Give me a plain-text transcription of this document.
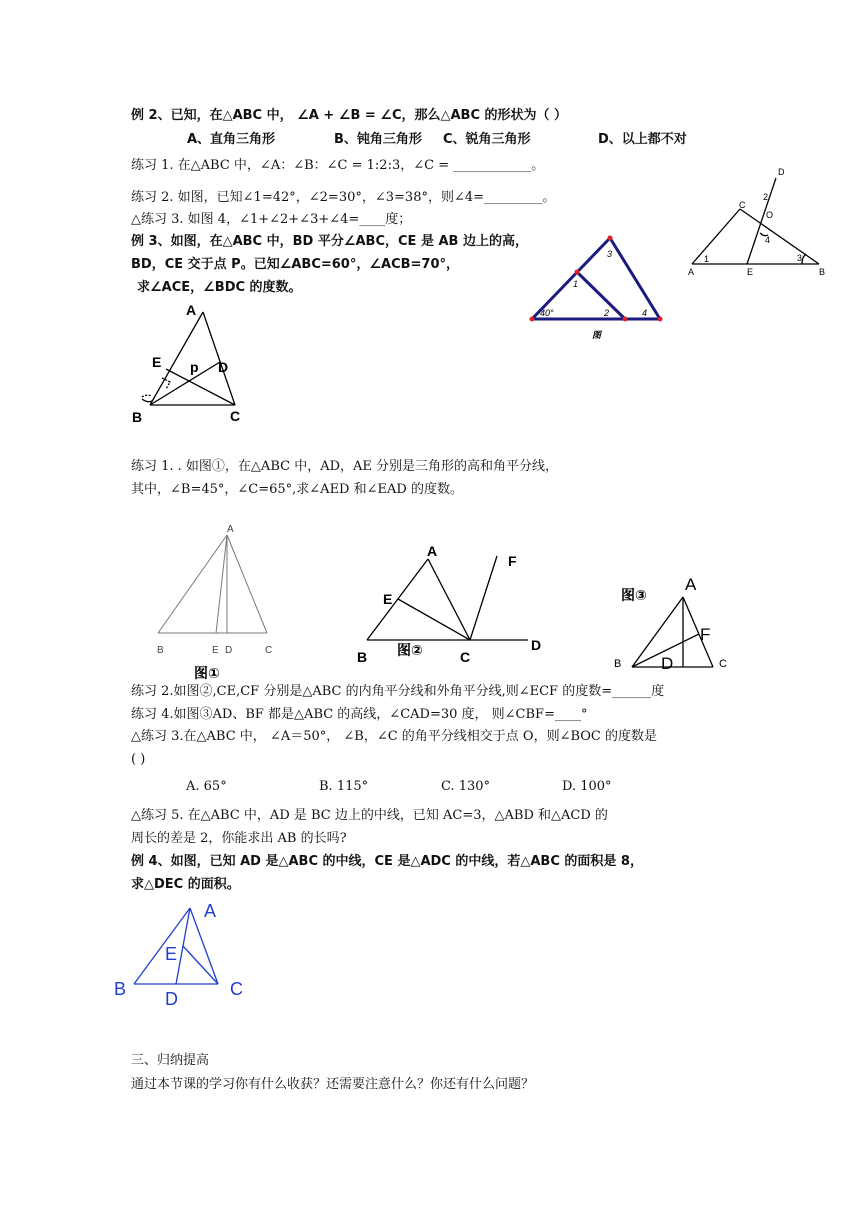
例 2、已知，在△ABC 中， ∠A + ∠B = ∠C，那么△ABC 的形状为（ ）
A、直角三角形	B、钝角三角形 C、锐角三角形	D、以上都不对
练习 1. 在△ABC 中，∠A：∠B：∠C = 1:2:3，∠C = ____________。
练习 2. 如图，已知∠1=42°，∠2=30°，∠3=38°，则∠4=_________。
△练习 3. 如图 4，∠1+∠2+∠3+∠4=____度；
例 3、如图，在△ABC 中，BD 平分∠ABC，CE 是 AB 边上的高，
BD，CE 交于点 P。已知∠ABC=60°，∠ACB=70°，
求∠ACE，∠BDC 的度数。
D
C
O
2
4
A
1
E
3
B
3
1
40°	2	4
图
A
E p D
B	C
练习 1. . 如图①，在△ABC 中，AD，AE 分别是三角形的高和角平分线，
其中，∠B=45°，∠C=65°,求∠AED 和∠EAD 的度数。
A
B	E D	C
图①
A
F
E
D
B	C
图②
图③
A
F
D
B	C
练习 2.如图②,CE,CF 分别是△ABC 的内角平分线和外角平分线,则∠ECF 的度数=______度
练习 4.如图③AD、BF 都是△ABC 的高线，∠CAD=30 度， 则∠CBF=____°
△练习 3.在△ABC 中， ∠A＝50°， ∠B，∠C 的角平分线相交于点 O，则∠BOC 的度数是
( )
A. 65°	B. 115°	C. 130°	D. 100°
△练习 5. 在△ABC 中，AD 是 BC 边上的中线，已知 AC=3，△ABD 和△ACD 的
周长的差是 2，你能求出 AB 的长吗?
例 4、如图，已知 AD 是△ABC 的中线，CE 是△ADC 的中线，若△ABC 的面积是 8，
求△DEC 的面积。
A
E
B D	C
三、归纳提高
通过本节课的学习你有什么收获？还需要注意什么？你还有什么问题？
